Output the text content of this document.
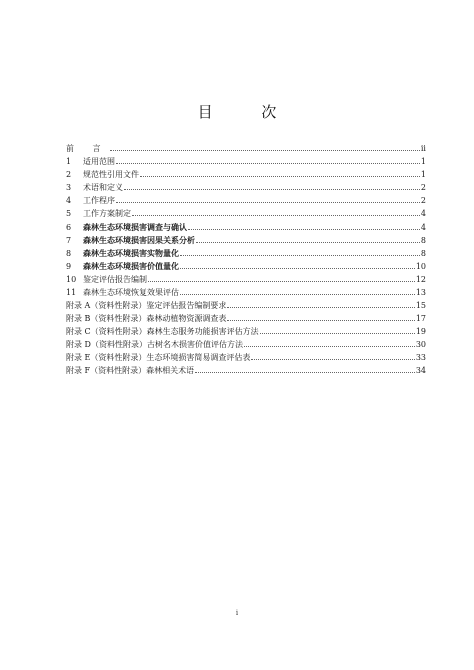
目 次
前 言	ii
1	适用范围	1
2	规范性引用文件	1
3	术语和定义	2
4	工作程序	2
5	工作方案制定	4
6	森林生态环境损害调查与确认	4
7	森林生态环境损害因果关系分析	8
8	森林生态环境损害实物量化	8
9	森林生态环境损害价值量化	10
10 鉴定评估报告编制	12
11 森林生态环境恢复效果评估	13
附录 A（资料性附录）鉴定评估报告编制要求	15
附录 B（资料性附录）森林动植物资源调查表	17
附录 C（资料性附录）森林生态服务功能损害评估方法	19
附录 D（资料性附录）古树名木损害价值评估方法	30
附录 E（资料性附录）生态环境损害简易调查评估表	33
附录 F（资料性附录）森林相关术语	34
i
